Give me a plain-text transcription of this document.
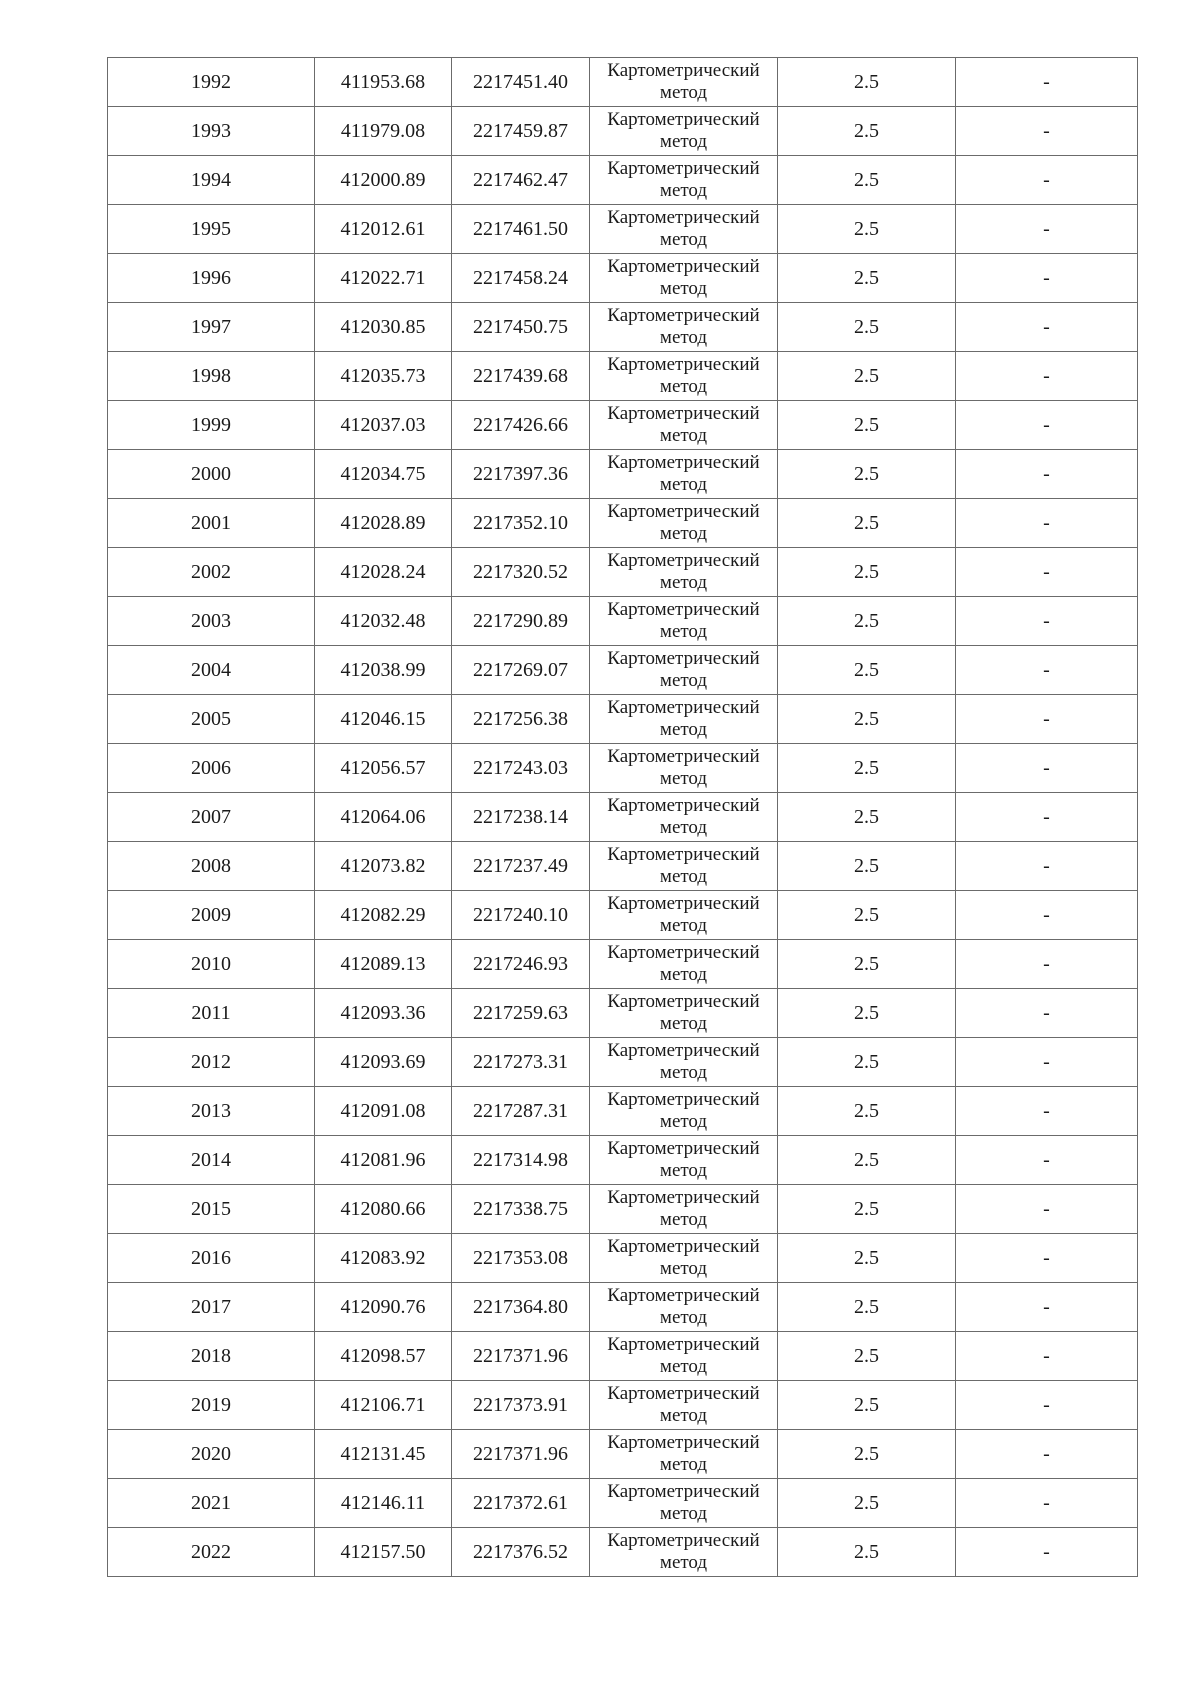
1992	411953.68	2217451.40	Картометрический метод	2.5	-
1993	411979.08	2217459.87	Картометрический метод	2.5	-
1994	412000.89	2217462.47	Картометрический метод	2.5	-
1995	412012.61	2217461.50	Картометрический метод	2.5	-
1996	412022.71	2217458.24	Картометрический метод	2.5	-
1997	412030.85	2217450.75	Картометрический метод	2.5	-
1998	412035.73	2217439.68	Картометрический метод	2.5	-
1999	412037.03	2217426.66	Картометрический метод	2.5	-
2000	412034.75	2217397.36	Картометрический метод	2.5	-
2001	412028.89	2217352.10	Картометрический метод	2.5	-
2002	412028.24	2217320.52	Картометрический метод	2.5	-
2003	412032.48	2217290.89	Картометрический метод	2.5	-
2004	412038.99	2217269.07	Картометрический метод	2.5	-
2005	412046.15	2217256.38	Картометрический метод	2.5	-
2006	412056.57	2217243.03	Картометрический метод	2.5	-
2007	412064.06	2217238.14	Картометрический метод	2.5	-
2008	412073.82	2217237.49	Картометрический метод	2.5	-
2009	412082.29	2217240.10	Картометрический метод	2.5	-
2010	412089.13	2217246.93	Картометрический метод	2.5	-
2011	412093.36	2217259.63	Картометрический метод	2.5	-
2012	412093.69	2217273.31	Картометрический метод	2.5	-
2013	412091.08	2217287.31	Картометрический метод	2.5	-
2014	412081.96	2217314.98	Картометрический метод	2.5	-
2015	412080.66	2217338.75	Картометрический метод	2.5	-
2016	412083.92	2217353.08	Картометрический метод	2.5	-
2017	412090.76	2217364.80	Картометрический метод	2.5	-
2018	412098.57	2217371.96	Картометрический метод	2.5	-
2019	412106.71	2217373.91	Картометрический метод	2.5	-
2020	412131.45	2217371.96	Картометрический метод	2.5	-
2021	412146.11	2217372.61	Картометрический метод	2.5	-
2022	412157.50	2217376.52	Картометрический метод	2.5	-
